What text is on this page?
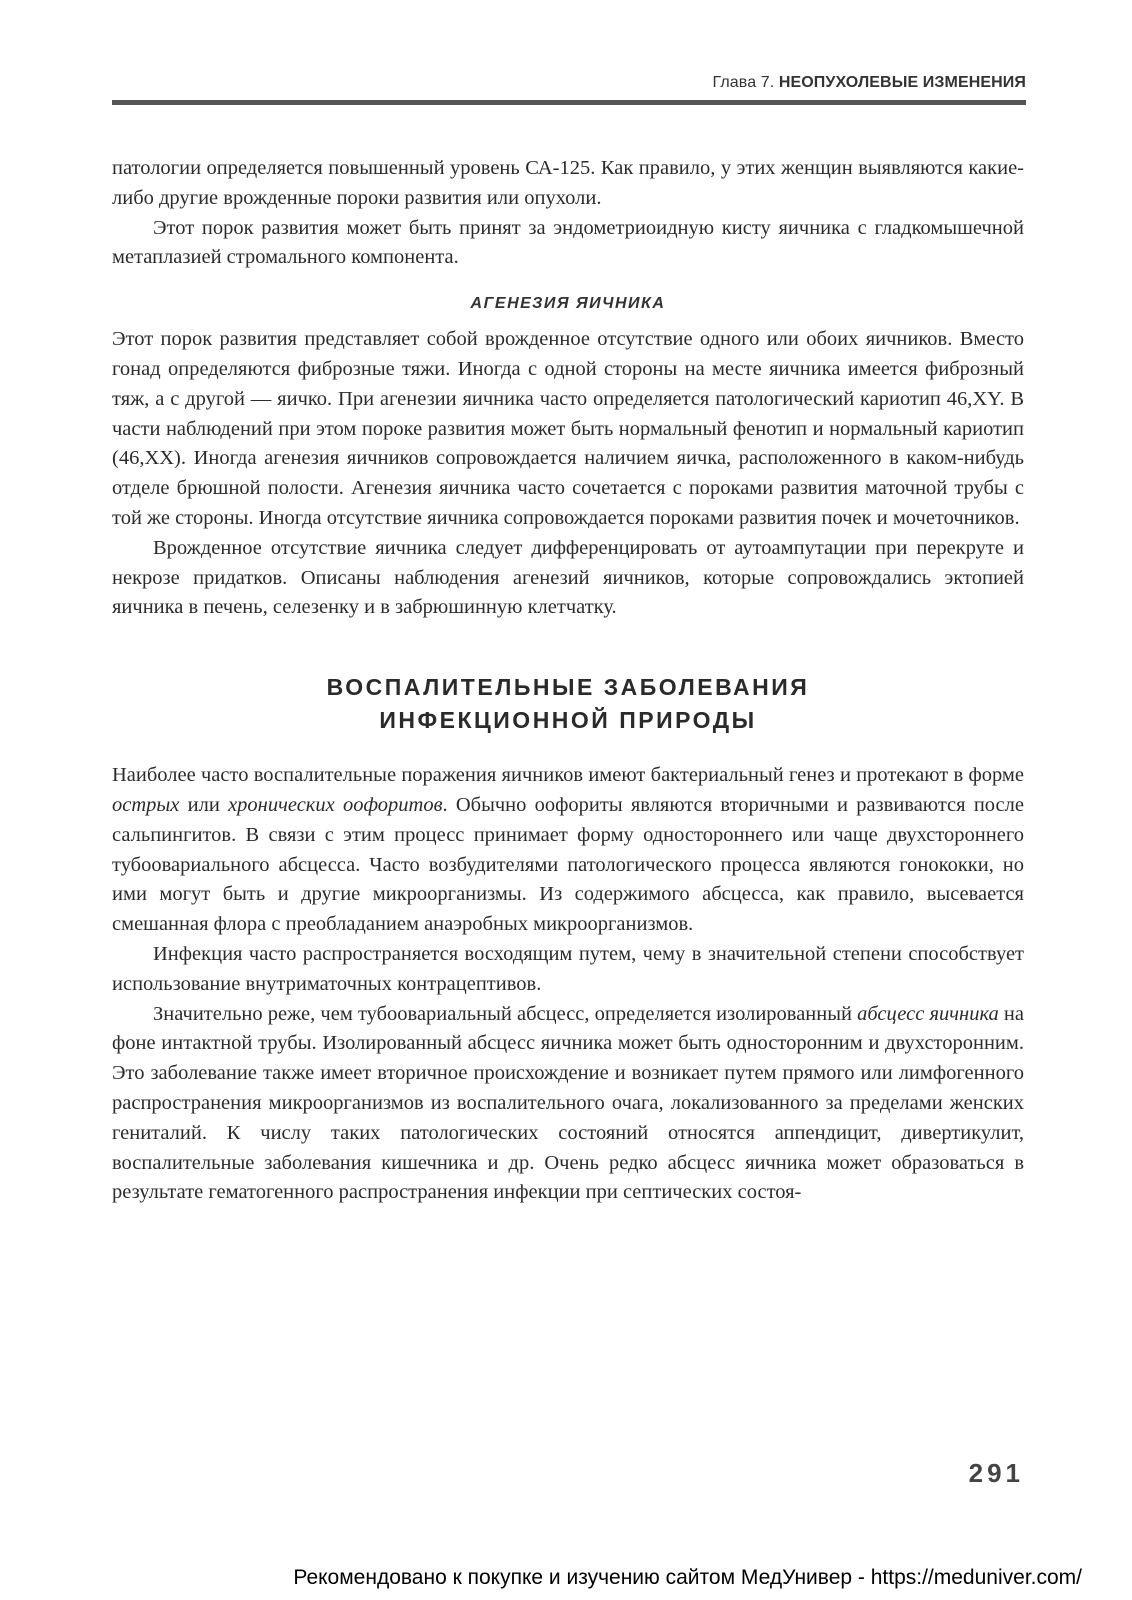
Глава 7. НЕОПУХОЛЕВЫЕ ИЗМЕНЕНИЯ

патологии определяется повышенный уровень СА-125. Как правило, у этих женщин выявляются какие-либо другие врожденные пороки развития или опухоли.

Этот порок развития может быть принят за эндометриоидную кисту яичника с гладкомышечной метаплазией стромального компонента.

АГЕНЕЗИЯ ЯИЧНИКА

Этот порок развития представляет собой врожденное отсутствие одного или обоих яичников. Вместо гонад определяются фиброзные тяжи. Иногда с одной стороны на месте яичника имеется фиброзный тяж, а с другой — яичко. При агенезии яичника часто определяется патологический кариотип 46,XY. В части наблюдений при этом пороке развития может быть нормальный фенотип и нормальный кариотип (46,XX). Иногда агенезия яичников сопровождается наличием яичка, расположенного в каком-нибудь отделе брюшной полости. Агенезия яичника часто сочетается с пороками развития маточной трубы с той же стороны. Иногда отсутствие яичника сопровождается пороками развития почек и мочеточников.

Врожденное отсутствие яичника следует дифференцировать от аутоампутации при перекруте и некрозе придатков. Описаны наблюдения агенезий яичников, которые сопровождались эктопией яичника в печень, селезенку и в забрюшинную клетчатку.

ВОСПАЛИТЕЛЬНЫЕ ЗАБОЛЕВАНИЯ
ИНФЕКЦИОННОЙ ПРИРОДЫ

Наиболее часто воспалительные поражения яичников имеют бактериальный генез и протекают в форме острых или хронических оофоритов. Обычно оофориты являются вторичными и развиваются после сальпингитов. В связи с этим процесс принимает форму одностороннего или чаще двухстороннего тубоовариального абсцесса. Часто возбудителями патологического процесса являются гонококки, но ими могут быть и другие микроорганизмы. Из содержимого абсцесса, как правило, высевается смешанная флора с преобладанием анаэробных микроорганизмов.

Инфекция часто распространяется восходящим путем, чему в значительной степени способствует использование внутриматочных контрацептивов.

Значительно реже, чем тубоовариальный абсцесс, определяется изолированный абсцесс яичника на фоне интактной трубы. Изолированный абсцесс яичника может быть односторонним и двухсторонним. Это заболевание также имеет вторичное происхождение и возникает путем прямого или лимфогенного распространения микроорганизмов из воспалительного очага, локализованного за пределами женских гениталий. К числу таких патологических состояний относятся аппендицит, дивертикулит, воспалительные заболевания кишечника и др. Очень редко абсцесс яичника может образоваться в результате гематогенного распространения инфекции при септических состоя-

291
Рекомендовано к покупке и изучению сайтом МедУнивер - https://meduniver.com/
